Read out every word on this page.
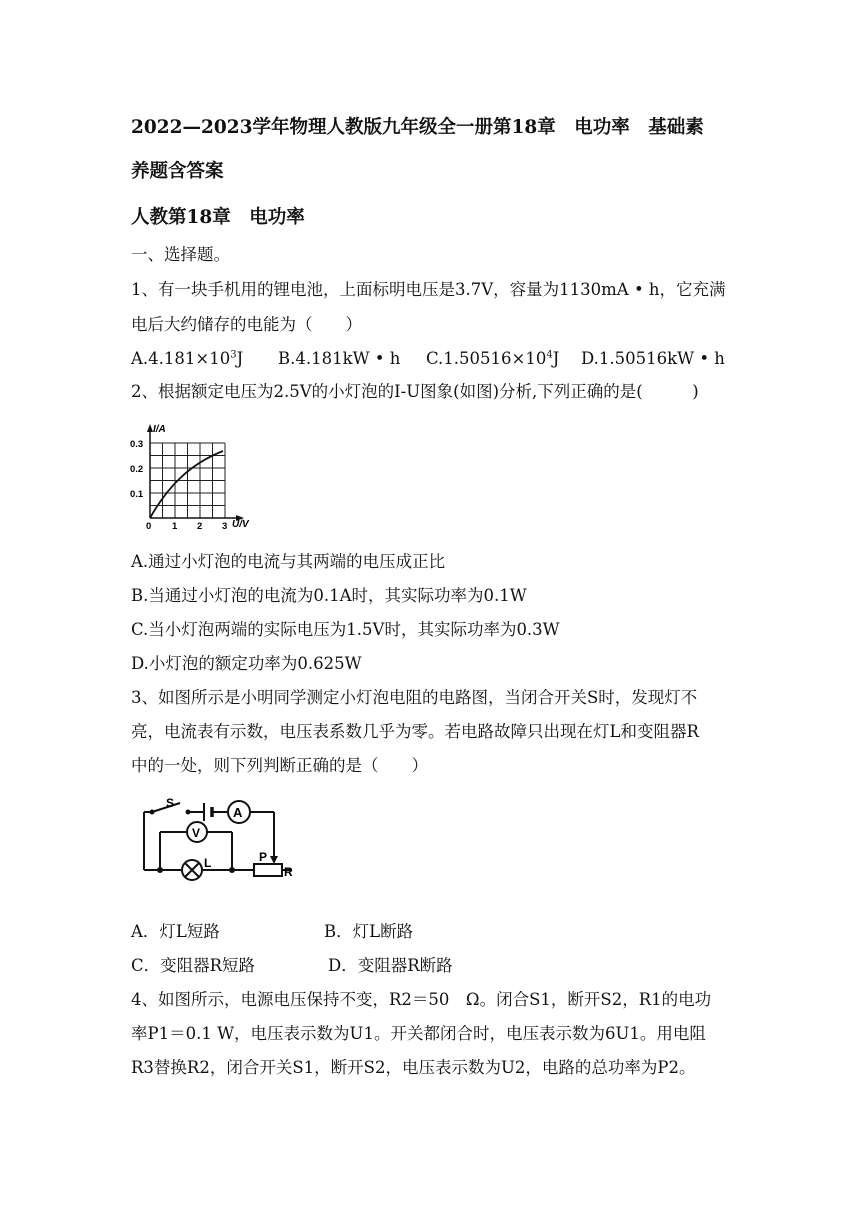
2022—2023学年物理人教版九年级全一册第18章　电功率　基础素
养题含答案
人教第18章　电功率
一、选择题。
1、有一块手机用的锂电池，上面标明电压是3.7V，容量为1130mA • h，它充满
电后大约储存的电能为（　　）
$A.4.181\times 10^3J$ B.4.181kW • h $C.1.50516\times 10^4J$ D.1.50516kW • h
2、根据额定电压为2.5V的小灯泡的I-U图象(如图)分析,下列正确的是(　　　)
I/A
0.3
0.2
0.1
0 1 2 3 U/V
A.通过小灯泡的电流与其两端的电压成正比
B.当通过小灯泡的电流为0.1A时，其实际功率为0.1W
C.当小灯泡两端的实际电压为1.5V时，其实际功率为0.3W
D.小灯泡的额定功率为0.625W
3、如图所示是小明同学测定小灯泡电阻的电路图，当闭合开关S时，发现灯不
亮，电流表有示数，电压表系数几乎为零。若电路故障只出现在灯L和变阻器R
中的一处，则下列判断正确的是（　　）
A
V
S
L	P
R
A．灯L短路	B．灯L断路
C．变阻器R短路	D．变阻器R断路
4、如图所示，电源电压保持不变，R2＝50　Ω。闭合S1，断开S2，R1的电功
率P1＝0.1 W，电压表示数为U1。开关都闭合时，电压表示数为6U1。用电阻
R3替换R2，闭合开关S1，断开S2，电压表示数为U2，电路的总功率为P2。
